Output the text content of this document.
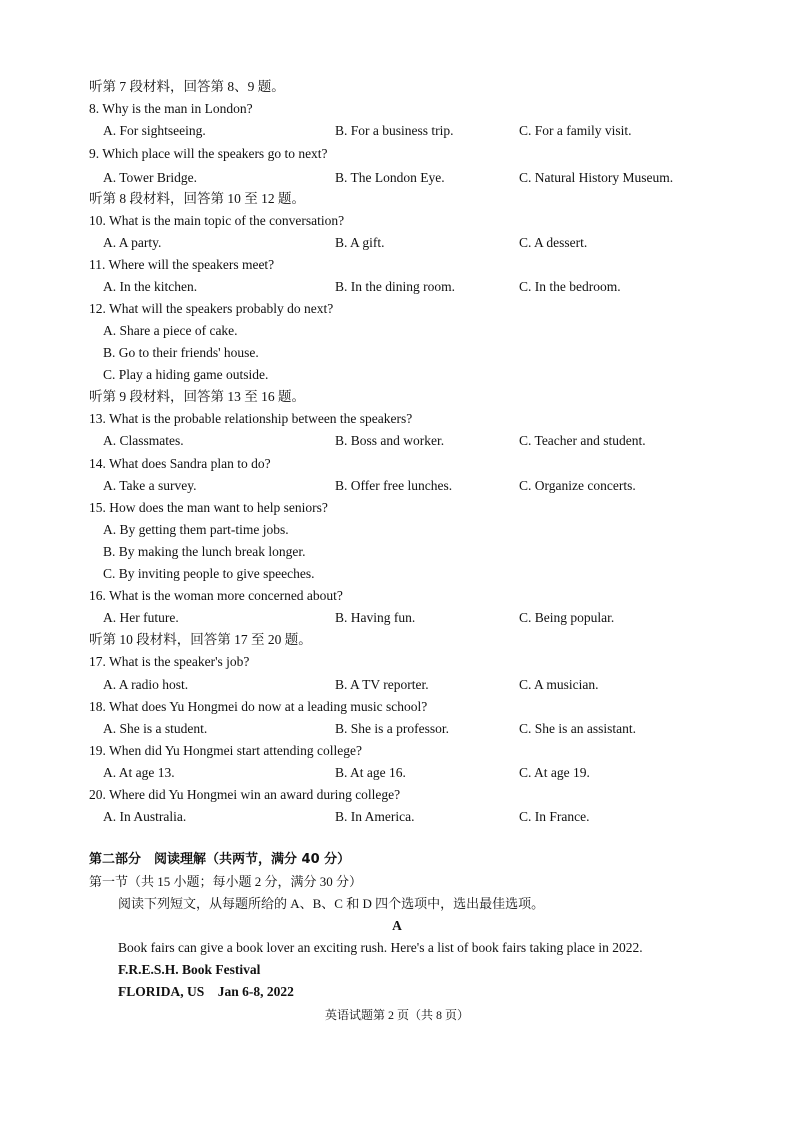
听第 7 段材料，回答第 8、9 题。
8. Why is the man in London?
A. For sightseeing.	B. For a business trip.	C. For a family visit.
9. Which place will the speakers go to next?
A. Tower Bridge.	B. The London Eye.	C. Natural History Museum.
听第 8 段材料，回答第 10 至 12 题。
10. What is the main topic of the conversation?
A. A party.	B. A gift.	C. A dessert.
11. Where will the speakers meet?
A. In the kitchen.	B. In the dining room.	C. In the bedroom.
12. What will the speakers probably do next?
A. Share a piece of cake.
B. Go to their friends' house.
C. Play a hiding game outside.
听第 9 段材料，回答第 13 至 16 题。
13. What is the probable relationship between the speakers?
A. Classmates.	B. Boss and worker.	C. Teacher and student.
14. What does Sandra plan to do?
A. Take a survey.	B. Offer free lunches.	C. Organize concerts.
15. How does the man want to help seniors?
A. By getting them part-time jobs.
B. By making the lunch break longer.
C. By inviting people to give speeches.
16. What is the woman more concerned about?
A. Her future.	B. Having fun.	C. Being popular.
听第 10 段材料，回答第 17 至 20 题。
17. What is the speaker's job?
A. A radio host.	B. A TV reporter.	C. A musician.
18. What does Yu Hongmei do now at a leading music school?
A. She is a student.	B. She is a professor.	C. She is an assistant.
19. When did Yu Hongmei start attending college?
A. At age 13.	B. At age 16.	C. At age 19.
20. Where did Yu Hongmei win an award during college?
A. In Australia.	B. In America.	C. In France.
第二部分　阅读理解（共两节，满分 40 分）
第一节（共 15 小题；每小题 2 分，满分 30 分）
阅读下列短文，从每题所给的 A、B、C 和 D 四个选项中，选出最佳选项。
A
Book fairs can give a book lover an exciting rush. Here's a list of book fairs taking place in 2022.
F.R.E.S.H. Book Festival
FLORIDA, US　Jan 6-8, 2022
英语试题第 2 页（共 8 页）
